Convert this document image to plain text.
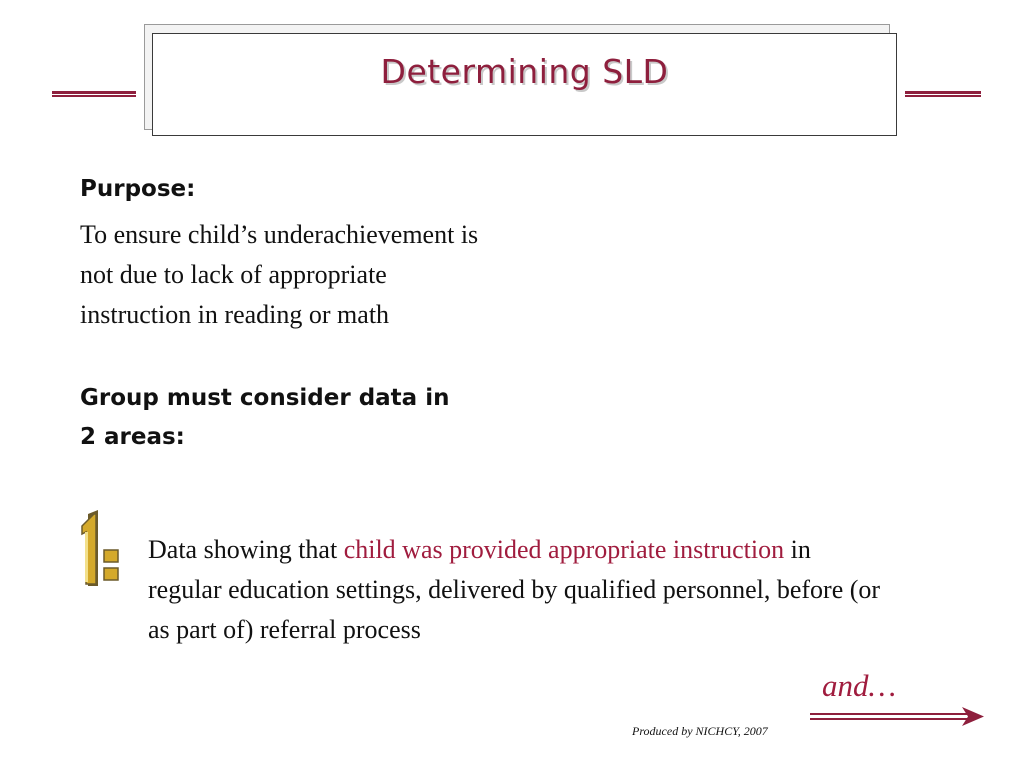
Determining SLD
Purpose:
To ensure child’s underachievement is
not due to lack of appropriate
instruction in reading or math
Group must consider data in
2 areas:
Data showing that child was provided appropriate instruction in regular education settings, delivered by qualified personnel, before (or as part of) referral process
and…
Produced by NICHCY, 2007
